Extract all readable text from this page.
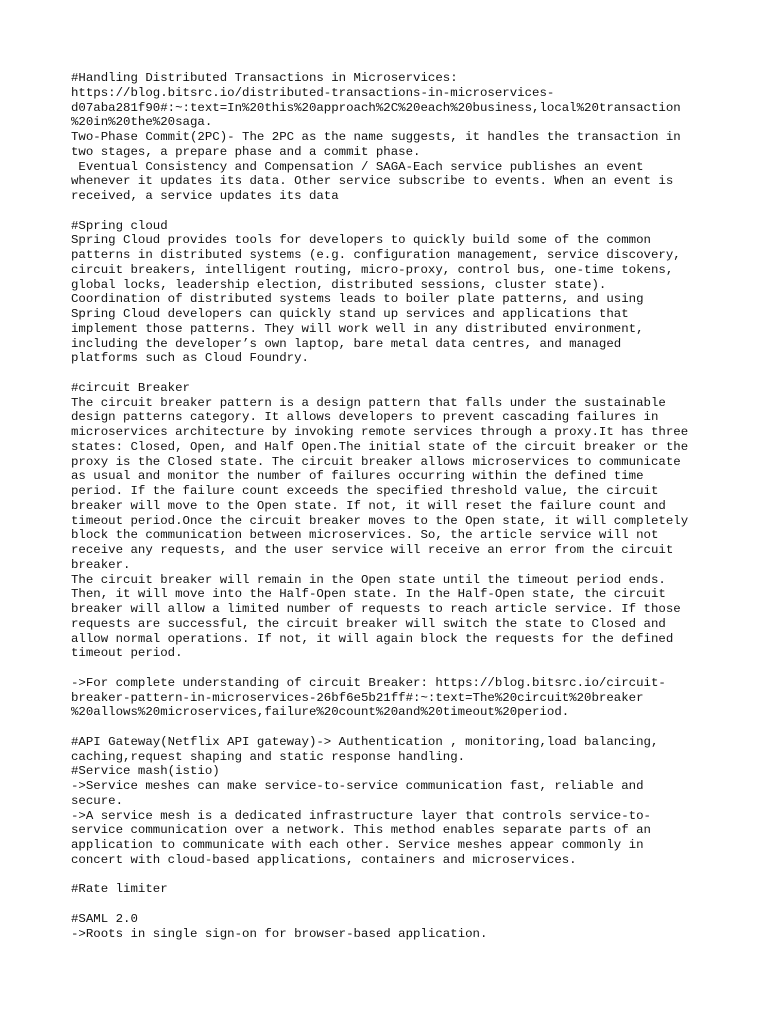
#Handling Distributed Transactions in Microservices:
https://blog.bitsrc.io/distributed-transactions-in-microservices-
d07aba281f90#:~:text=In%20this%20approach%2C%20each%20business,local%20transaction
%20in%20the%20saga.
Two-Phase Commit(2PC)- The 2PC as the name suggests, it handles the transaction in
two stages, a prepare phase and a commit phase.
Eventual Consistency and Compensation / SAGA-Each service publishes an event
whenever it updates its data. Other service subscribe to events. When an event is
received, a service updates its data
#Spring cloud
Spring Cloud provides tools for developers to quickly build some of the common
patterns in distributed systems (e.g. configuration management, service discovery,
circuit breakers, intelligent routing, micro-proxy, control bus, one-time tokens,
global locks, leadership election, distributed sessions, cluster state).
Coordination of distributed systems leads to boiler plate patterns, and using
Spring Cloud developers can quickly stand up services and applications that
implement those patterns. They will work well in any distributed environment,
including the developer’s own laptop, bare metal data centres, and managed
platforms such as Cloud Foundry.
#circuit Breaker
The circuit breaker pattern is a design pattern that falls under the sustainable
design patterns category. It allows developers to prevent cascading failures in
microservices architecture by invoking remote services through a proxy.It has three
states: Closed, Open, and Half Open.The initial state of the circuit breaker or the
proxy is the Closed state. The circuit breaker allows microservices to communicate
as usual and monitor the number of failures occurring within the defined time
period. If the failure count exceeds the specified threshold value, the circuit
breaker will move to the Open state. If not, it will reset the failure count and
timeout period.Once the circuit breaker moves to the Open state, it will completely
block the communication between microservices. So, the article service will not
receive any requests, and the user service will receive an error from the circuit
breaker.
The circuit breaker will remain in the Open state until the timeout period ends.
Then, it will move into the Half-Open state. In the Half-Open state, the circuit
breaker will allow a limited number of requests to reach article service. If those
requests are successful, the circuit breaker will switch the state to Closed and
allow normal operations. If not, it will again block the requests for the defined
timeout period.
->For complete understanding of circuit Breaker: https://blog.bitsrc.io/circuit-
breaker-pattern-in-microservices-26bf6e5b21ff#:~:text=The%20circuit%20breaker
%20allows%20microservices,failure%20count%20and%20timeout%20period.
#API Gateway(Netflix API gateway)-> Authentication , monitoring,load balancing,
caching,request shaping and static response handling.
#Service mash(istio)
->Service meshes can make service-to-service communication fast, reliable and
secure.
->A service mesh is a dedicated infrastructure layer that controls service-to-
service communication over a network. This method enables separate parts of an
application to communicate with each other. Service meshes appear commonly in
concert with cloud-based applications, containers and microservices.
#Rate limiter
#SAML 2.0
->Roots in single sign-on for browser-based application.
